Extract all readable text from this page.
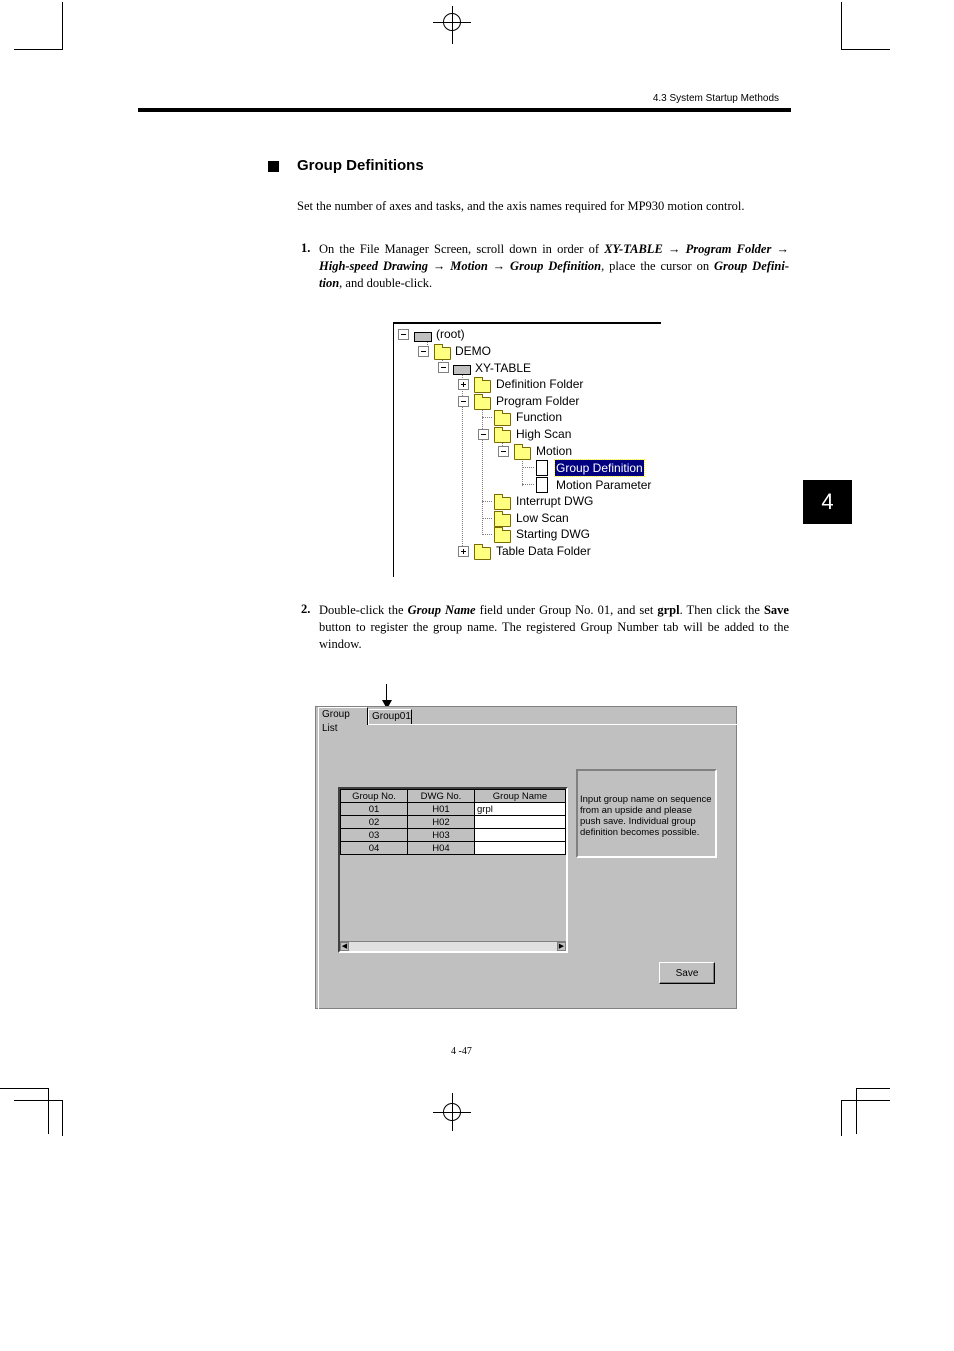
4.3 System Startup Methods
4
Group Definitions
Set the number of axes and tasks, and the axis names required for MP930 motion control.
1. On the File Manager Screen, scroll down in order of XY-TABLE → Program Folder → High-speed Drawing → Motion → Group Definition, place the cursor on Group Defini-tion, and double-click.
(root)
DEMO
XY-TABLE
Definition Folder
Program Folder
Function
High Scan
Motion
Group Definition
Motion Parameter
Interrupt DWG
Low Scan
Starting DWG
Table Data Folder
2. Double-click the Group Name field under Group No. 01, and set grpl. Then click the Save button to register the group name. The registered Group Number tab will be added to the window.
Group List
Group01
Group No.	DWG No.	Group Name
01	H01	grpl
02	H02	
03	H03	
04	H04	
◀	▶
Input group name on sequence from an upside and please push save. Individual group definition becomes possible.
Save
4 -47
